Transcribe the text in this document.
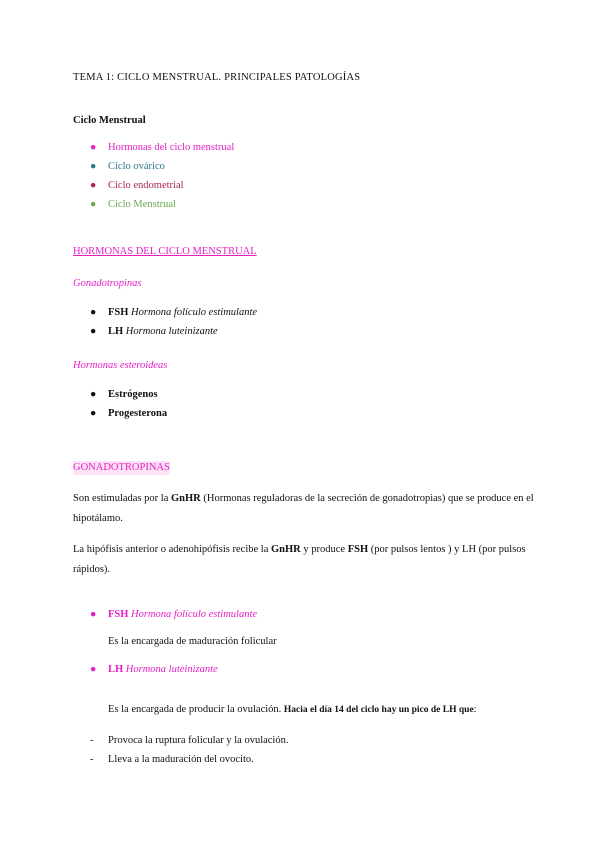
TEMA 1: CICLO MENSTRUAL. PRINCIPALES PATOLOGÍAS
Ciclo Menstrual
● Hormonas del ciclo menstrual
● Ciclo ovárico
● Ciclo endometrial
● Ciclo Menstrual
HORMONAS DEL CICLO MENSTRUAL
Gonadotropinas
● FSH Hormona folículo estimulante
● LH Hormona luteinizante
Hormonas esteroideas
● Estrógenos
● Progesterona
GONADOTROPINAS
Son estimuladas por la GnHR (Hormonas reguladoras de la secreción de gonadotropias) que se produce en el hipotálamo.
La hipófisis anterior o adenohipófisis recibe la GnHR y produce FSH (por pulsos lentos ) y LH (por pulsos rápidos).
● FSH Hormona folículo estimulante
Es la encargada de maduración folicular
● LH Hormona luteinizante
Es la encargada de producir la ovulación. Hacia el día 14 del ciclo hay un pico de LH que:
- Provoca la ruptura folicular y la ovulación.
- Lleva a la maduración del ovocito.
